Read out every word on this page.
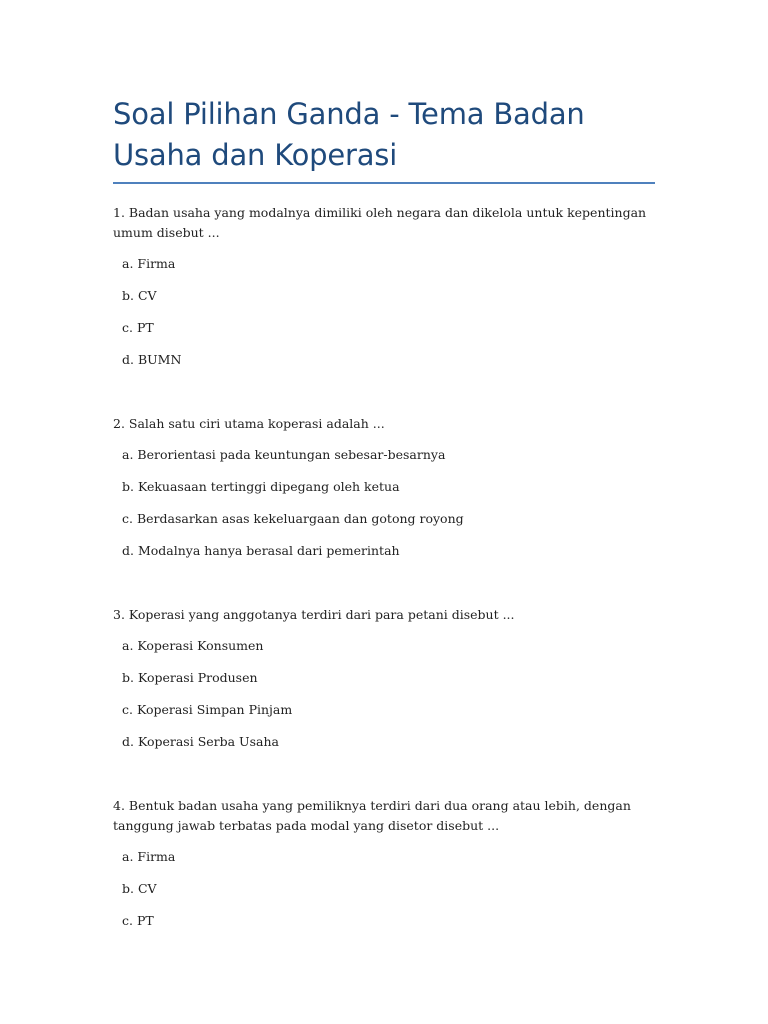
Soal Pilihan Ganda - Tema Badan Usaha dan Koperasi

1. Badan usaha yang modalnya dimiliki oleh negara dan dikelola untuk kepentingan umum disebut ...

a. Firma
b. CV
c. PT
d. BUMN

2. Salah satu ciri utama koperasi adalah ...

a. Berorientasi pada keuntungan sebesar-besarnya
b. Kekuasaan tertinggi dipegang oleh ketua
c. Berdasarkan asas kekeluargaan dan gotong royong
d. Modalnya hanya berasal dari pemerintah

3. Koperasi yang anggotanya terdiri dari para petani disebut ...

a. Koperasi Konsumen
b. Koperasi Produsen
c. Koperasi Simpan Pinjam
d. Koperasi Serba Usaha

4. Bentuk badan usaha yang pemiliknya terdiri dari dua orang atau lebih, dengan tanggung jawab terbatas pada modal yang disetor disebut ...

a. Firma
b. CV
c. PT
